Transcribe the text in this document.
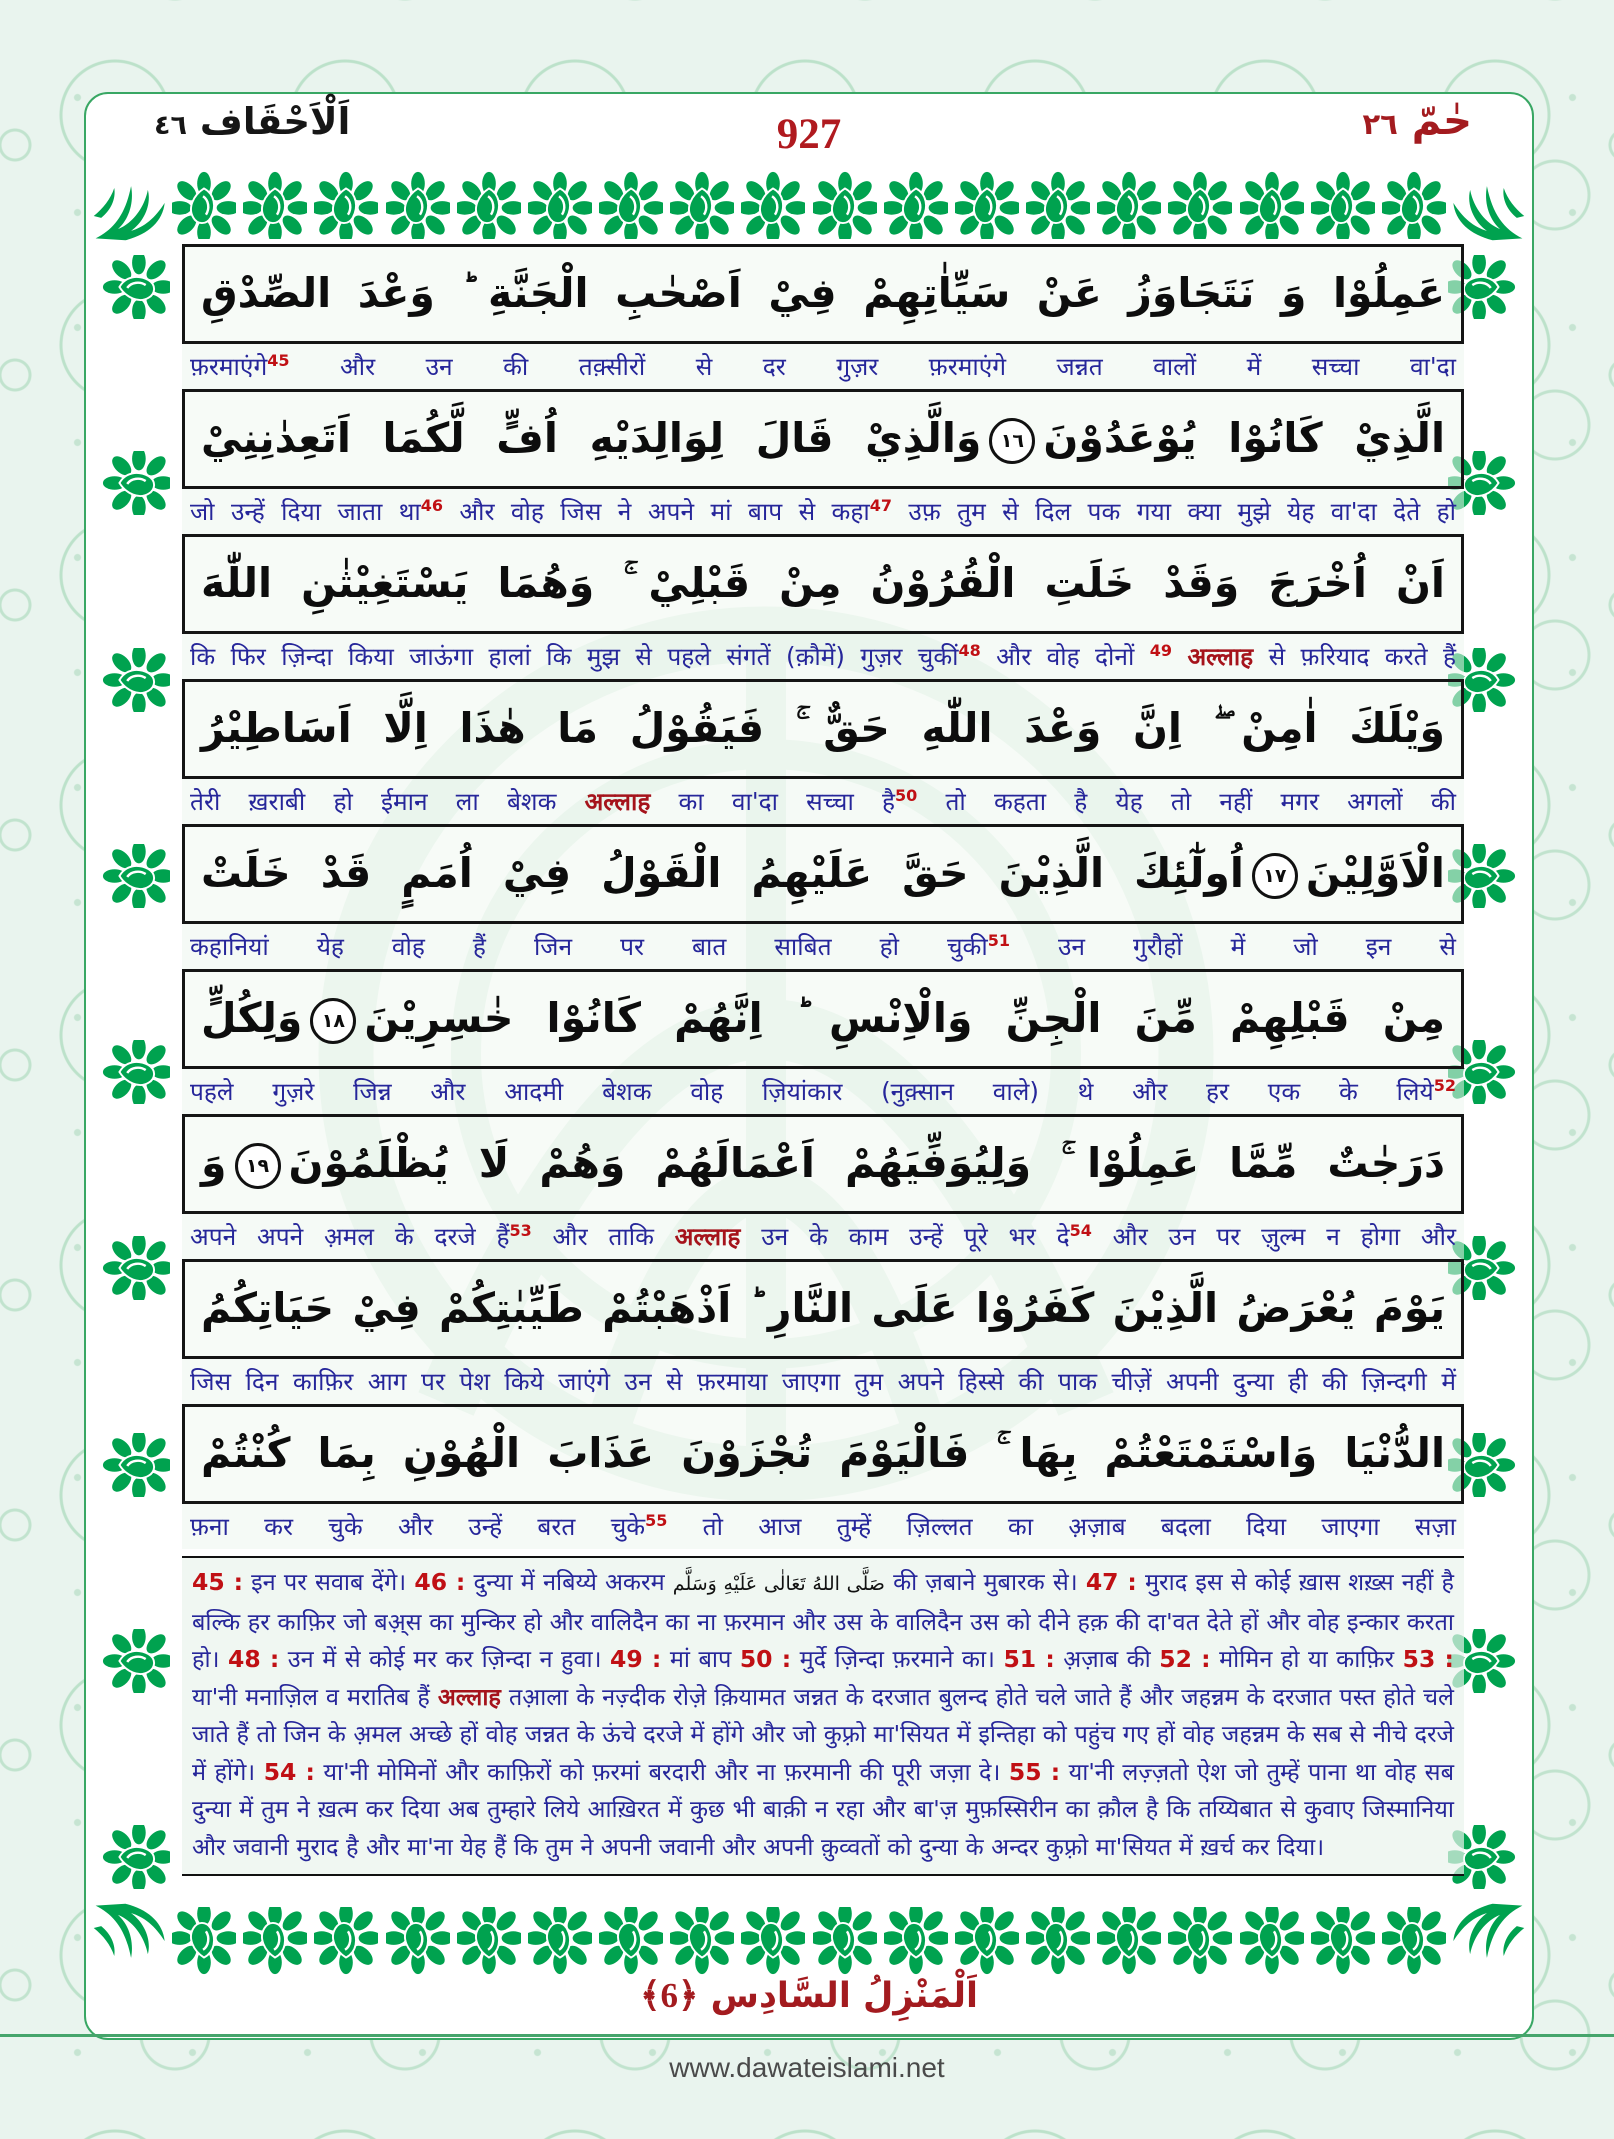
اَلْاَحْقَاف ٤٦	927	حٰمّ ٢٦
عَمِلُوْا وَ نَتَجَاوَزُ عَنْ سَيِّاٰتِهِمْ فِيْ اَصْحٰبِ الْجَنَّةِ ؕ وَعْدَ الصِّدْقِ
फ़रमाएंगे$^{45}$ और उन की तक़्सीरों से दर गुज़र फ़रमाएंगे जन्नत वालों में सच्चा वा'दा
الَّذِيْ كَانُوْا يُوْعَدُوْنَ١٦وَالَّذِيْ قَالَ لِوَالِدَيْهِ اُفٍّ لَّكُمَا اَتَعِدٰنِنِيْ
जो उन्हें दिया जाता था$^{46}$ और वोह जिस ने अपने मां बाप से कहा$^{47}$ उफ़ तुम से दिल पक गया क्या मुझे येह वा'दा देते हो
اَنْ اُخْرَجَ وَقَدْ خَلَتِ الْقُرُوْنُ مِنْ قَبْلِيْ ۚ وَهُمَا يَسْتَغِيْثٰنِ اللّٰهَ
कि फिर ज़िन्दा किया जाऊंगा हालां कि मुझ से पहले संगतें (क़ौमें) गुज़र चुकीं$^{48}$ और वोह दोनों $^{49}$ अल्लाह से फ़रियाद करते हैं
وَيْلَكَ اٰمِنْ ۖ اِنَّ وَعْدَ اللّٰهِ حَقٌّ ۚ فَيَقُوْلُ مَا هٰذَا اِلَّا اَسَاطِيْرُ
तेरी ख़राबी हो ईमान ला बेशक अल्लाह का वा'दा सच्चा है$^{50}$ तो कहता है येह तो नहीं मगर अगलों की
الْاَوَّلِيْنَ١٧اُولٰٓئِكَ الَّذِيْنَ حَقَّ عَلَيْهِمُ الْقَوْلُ فِيْ اُمَمٍ قَدْ خَلَتْ
कहानियां येह वोह हैं जिन पर बात साबित हो चुकी$^{51}$ उन गुरौहों में जो इन से
مِنْ قَبْلِهِمْ مِّنَ الْجِنِّ وَالْاِنْسِ ؕ اِنَّهُمْ كَانُوْا خٰسِرِيْنَ١٨وَلِكُلٍّ
पहले गुज़रे जिन्न और आदमी बेशक वोह ज़ियांकार (नुक़्सान वाले) थे और हर एक के लिये$^{52}$
دَرَجٰتٌ مِّمَّا عَمِلُوْا ۚ وَلِيُوَفِّيَهُمْ اَعْمَالَهُمْ وَهُمْ لَا يُظْلَمُوْنَ١٩وَ
अपने अपने अ़मल के दरजे हैं$^{53}$ और ताकि अल्लाह उन के काम उन्हें पूरे भर दे$^{54}$ और उन पर ज़ुल्म न होगा और
يَوْمَ يُعْرَضُ الَّذِيْنَ كَفَرُوْا عَلَى النَّارِ ؕ اَذْهَبْتُمْ طَيِّبٰتِكُمْ فِيْ حَيَاتِكُمُ
जिस दिन काफ़िर आग पर पेश किये जाएंगे उन से फ़रमाया जाएगा तुम अपने हिस्से की पाक चीज़ें अपनी दुन्या ही की ज़िन्दगी में
الدُّنْيَا وَاسْتَمْتَعْتُمْ بِهَا ۚ فَالْيَوْمَ تُجْزَوْنَ عَذَابَ الْهُوْنِ بِمَا كُنْتُمْ
फ़ना कर चुके और उन्हें बरत चुके$^{55}$ तो आज तुम्हें ज़िल्लत का अ़ज़ाब बदला दिया जाएगा सज़ा
45 : इन पर सवाब देंगे। 46 : दुन्या में नबिय्ये अकरम صَلَّى اللهُ تَعَالٰى عَلَيْهِ وَسَلَّم की ज़बाने मुबारक से। 47 : मुराद इस से कोई ख़ास शख़्स नहीं है बल्कि हर काफ़िर जो बअ़्स का मुन्किर हो और वालिदैन का ना फ़रमान और उस के वालिदैन उस को दीने हक़ की दा'वत देते हों और वोह इन्कार करता हो। 48 : उन में से कोई मर कर ज़िन्दा न हुवा। 49 : मां बाप 50 : मुर्दे ज़िन्दा फ़रमाने का। 51 : अ़ज़ाब की 52 : मोमिन हो या काफ़िर 53 : या'नी मनाज़िल व मरातिब हैं अल्लाह तआ़ला के नज़्दीक रोज़े क़ियामत जन्नत के दरजात बुलन्द होते चले जाते हैं और जहन्नम के दरजात पस्त होते चले जाते हैं तो जिन के अ़मल अच्छे हों वोह जन्नत के ऊंचे दरजे में होंगे और जो कुफ़्रो मा'सियत में इन्तिहा को पहुंच गए हों वोह जहन्नम के सब से नीचे दरजे में होंगे। 54 : या'नी मोमिनों और काफ़िरों को फ़रमां बरदारी और ना फ़रमानी की पूरी जज़ा दे। 55 : या'नी लज़्ज़तो ऐश जो तुम्हें पाना था वोह सब दुन्या में तुम ने ख़त्म कर दिया अब तुम्हारे लिये आख़िरत में कुछ भी बाक़ी न रहा और बा'ज़ मुफ़स्सिरीन का क़ौल है कि तय्यिबात से कुवाए जिस्मानिया और जवानी मुराद है और मा'ना येह हैं कि तुम ने अपनी जवानी और अपनी क़ुव्वतों को दुन्या के अन्दर कुफ़्रो मा'सियत में ख़र्च कर दिया।
اَلْمَنْزِلُ السَّادِس ﴿6﴾
www.dawateislami.net
